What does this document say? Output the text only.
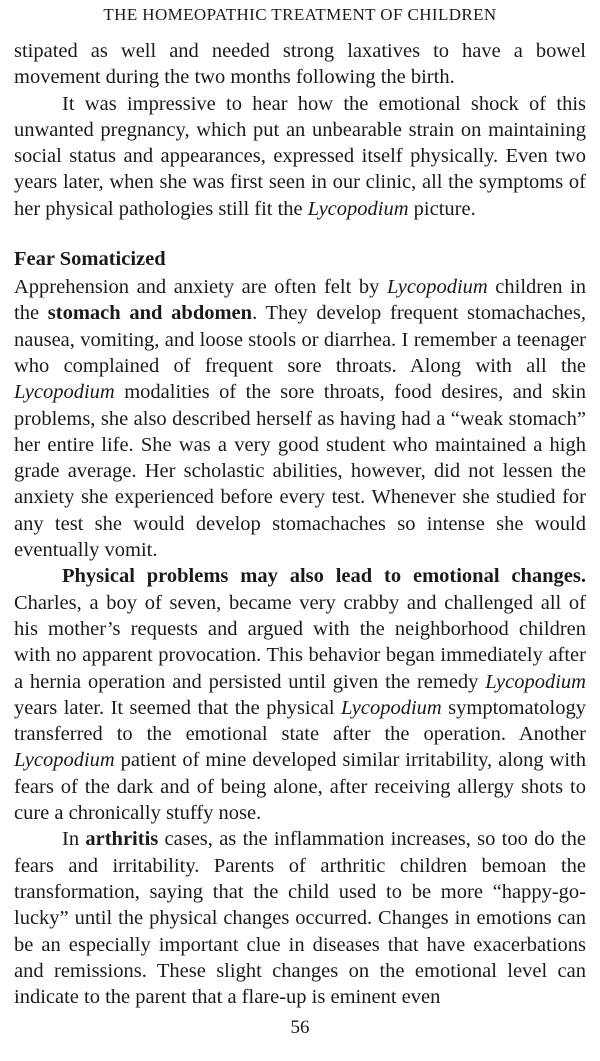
THE HOMEOPATHIC TREATMENT OF CHILDREN

stipated as well and needed strong laxatives to have a bowel movement during the two months following the birth.

It was impressive to hear how the emotional shock of this unwanted pregnancy, which put an unbearable strain on maintaining social status and appearances, expressed itself physically. Even two years later, when she was first seen in our clinic, all the symptoms of her physical pathologies still fit the Lycopodium picture.

Fear Somaticized

Apprehension and anxiety are often felt by Lycopodium children in the stomach and abdomen. They develop frequent stomachaches, nausea, vomiting, and loose stools or diarrhea. I remember a teenager who complained of frequent sore throats. Along with all the Lycopodium modalities of the sore throats, food desires, and skin problems, she also described herself as having had a “weak stomach” her entire life. She was a very good student who maintained a high grade average. Her scholastic abilities, however, did not lessen the anxiety she experienced before every test. Whenever she studied for any test she would develop stomachaches so intense she would eventually vomit.

Physical problems may also lead to emotional changes. Charles, a boy of seven, became very crabby and challenged all of his mother’s requests and argued with the neighborhood children with no apparent provocation. This behavior began immediately after a hernia operation and persisted until given the remedy Lycopodium years later. It seemed that the physical Lycopodium symptomatology transferred to the emotional state after the operation. Another Lycopodium patient of mine developed similar irritability, along with fears of the dark and of being alone, after receiving allergy shots to cure a chronically stuffy nose.

In arthritis cases, as the inflammation increases, so too do the fears and irritability. Parents of arthritic children bemoan the transformation, saying that the child used to be more “happy-go-lucky” until the physical changes occurred. Changes in emotions can be an especially important clue in diseases that have exacerbations and remissions. These slight changes on the emotional level can indicate to the parent that a flare-up is eminent even

56
